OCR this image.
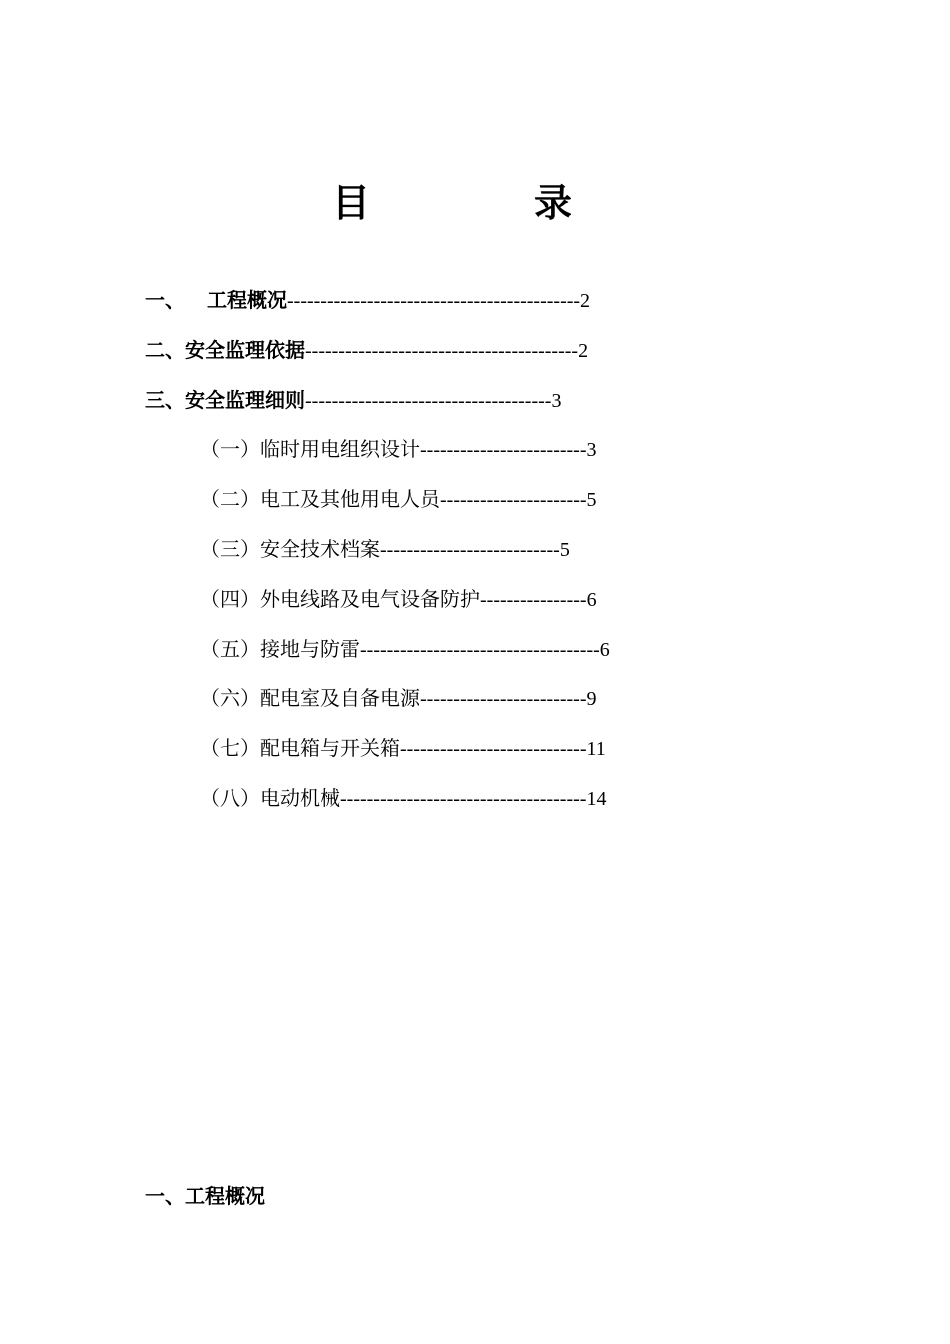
目	录
一、 工程概况--------------------------------------------2
二、安全监理依据-----------------------------------------2
三、安全监理细则-------------------------------------3
（一）临时用电组织设计-------------------------3
（二）电工及其他用电人员----------------------5
（三）安全技术档案---------------------------5
（四）外电线路及电气设备防护----------------6
（五）接地与防雷------------------------------------6
（六）配电室及自备电源-------------------------9
（七）配电箱与开关箱----------------------------11
（八）电动机械-------------------------------------14
一、工程概况
